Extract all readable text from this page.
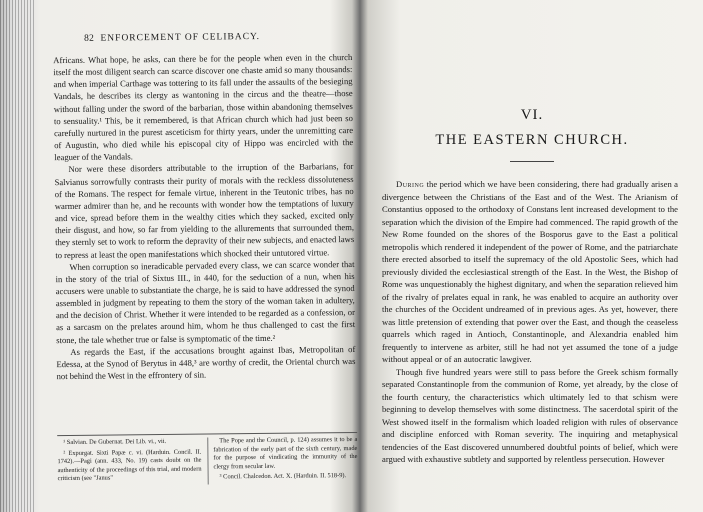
82 ENFORCEMENT OF CELIBACY.

Africans. What hope, he asks, can there be for the people when even in the church itself the most diligent search can scarce discover one chaste amid so many thousands: and when imperial Carthage was tottering to its fall under the assaults of the besieging Vandals, he describes its clergy as wantoning in the circus and the theatre—those without falling under the sword of the barbarian, those within abandoning themselves to sensuality.¹ This, be it remembered, is that African church which had just been so carefully nurtured in the purest asceticism for thirty years, under the unremitting care of Augustin, who died while his episcopal city of Hippo was encircled with the leaguer of the Vandals.

Nor were these disorders attributable to the irruption of the Barbarians, for Salvianus sorrowfully contrasts their purity of morals with the reckless dissoluteness of the Romans. The respect for female virtue, inherent in the Teutonic tribes, has no warmer admirer than he, and he recounts with wonder how the temptations of luxury and vice, spread before them in the wealthy cities which they sacked, excited only their disgust, and how, so far from yielding to the allurements that surrounded them, they sternly set to work to reform the depravity of their new subjects, and enacted laws to repress at least the open manifestations which shocked their untutored virtue.

When corruption so ineradicable pervaded every class, we can scarce wonder that in the story of the trial of Sixtus III., in 440, for the seduction of a nun, when his accusers were unable to substantiate the charge, he is said to have addressed the synod assembled in judgment by repeating to them the story of the woman taken in adultery, and the decision of Christ. Whether it were intended to be regarded as a confession, or as a sarcasm on the prelates around him, whom he thus challenged to cast the first stone, the tale whether true or false is symptomatic of the time.²

As regards the East, if the accusations brought against Ibas, Metropolitan of Edessa, at the Synod of Berytus in 448,³ are worthy of credit, the Oriental church was not behind the West in the effrontery of sin.

¹ Salvian. De Gubernat. Dei Lib. vi., vii.

² Expurgat. Sixti Papæ c. vi. (Harduin. Concil. II. 1742).—Pagi (ann. 433, No. 19) casts doubt on the authenticity of the proceedings of this trial, and modern criticism (see "Janus"

The Pope and the Council, p. 124) assumes it to be a fabrication of the early part of the sixth century, made for the purpose of vindicating the immunity of the clergy from secular law.

³ Concil. Chalcedon. Act. X. (Harduin. II. 518-9).

VI.
THE EASTERN CHURCH.

During the period which we have been considering, there had gradually arisen a divergence between the Christians of the East and of the West. The Arianism of Constantius opposed to the orthodoxy of Constans lent increased development to the separation which the division of the Empire had commenced. The rapid growth of the New Rome founded on the shores of the Bosporus gave to the East a political metropolis which rendered it independent of the power of Rome, and the patriarchate there erected absorbed to itself the supremacy of the old Apostolic Sees, which had previously divided the ecclesiastical strength of the East. In the West, the Bishop of Rome was unquestionably the highest dignitary, and when the separation relieved him of the rivalry of prelates equal in rank, he was enabled to acquire an authority over the churches of the Occident undreamed of in previous ages. As yet, however, there was little pretension of extending that power over the East, and though the ceaseless quarrels which raged in Antioch, Constantinople, and Alexandria enabled him frequently to intervene as arbiter, still he had not yet assumed the tone of a judge without appeal or of an autocratic lawgiver.

Though five hundred years were still to pass before the Greek schism formally separated Constantinople from the communion of Rome, yet already, by the close of the fourth century, the characteristics which ultimately led to that schism were beginning to develop themselves with some distinctness. The sacerdotal spirit of the West showed itself in the formalism which loaded religion with rules of observance and discipline enforced with Roman severity. The inquiring and metaphysical tendencies of the East discovered unnumbered doubtful points of belief, which were argued with exhaustive subtlety and supported by relentless persecution. However
